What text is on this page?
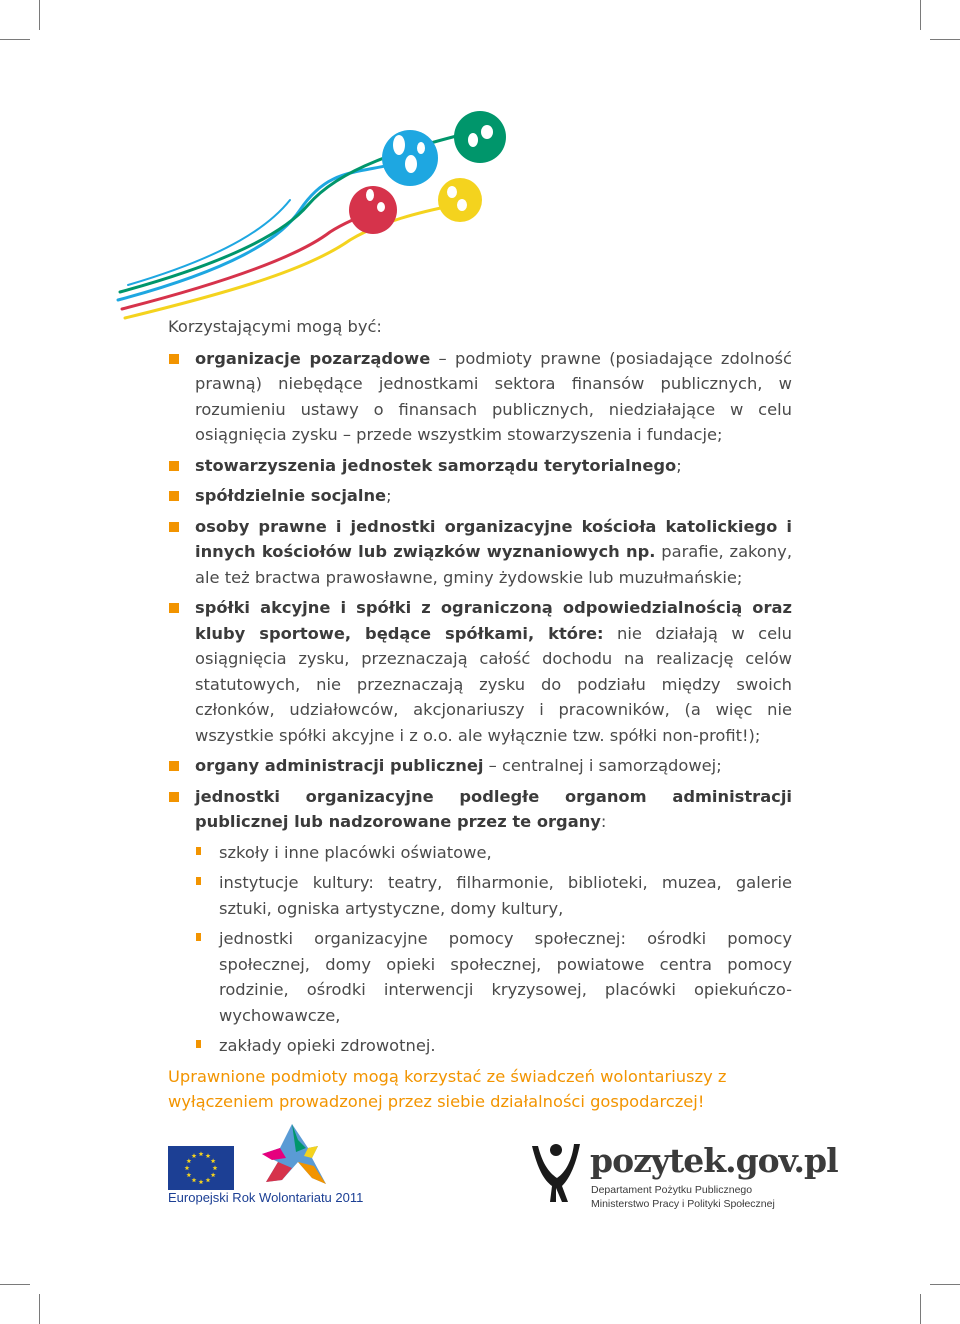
Korzystającymi mogą być:

organizacje pozarządowe – podmioty prawne (posiadające zdolność prawną) niebędące jednostkami sektora finansów publicznych, w rozumieniu ustawy o finansach publicznych, niedziałające w celu osiągnięcia zysku – przede wszystkim stowarzyszenia i fundacje;
stowarzyszenia jednostek samorządu terytorialnego;
spółdzielnie socjalne;
osoby prawne i jednostki organizacyjne kościoła katolickiego i innych kościołów lub związków wyznaniowych np. parafie, zakony, ale też bractwa prawosławne, gminy żydowskie lub muzułmańskie;
spółki akcyjne i spółki z ograniczoną odpowiedzialnością oraz kluby sportowe, będące spółkami, które: nie działają w celu osiągnięcia zysku, przeznaczają całość dochodu na realizację celów statutowych, nie przeznaczają zysku do podziału między swoich członków, udziałowców, akcjonariuszy i pracowników, (a więc nie wszystkie spółki akcyjne i z o.o. ale wyłącznie tzw. spółki non-profit!);
organy administracji publicznej – centralnej i samorządowej;
jednostki organizacyjne podległe organom administracji publicznej lub nadzorowane przez te organy:
szkoły i inne placówki oświatowe,
instytucje kultury: teatry, filharmonie, biblioteki, muzea, galerie sztuki, ogniska artystyczne, domy kultury,
jednostki organizacyjne pomocy społecznej: ośrodki pomocy społecznej, domy opieki społecznej, powiatowe centra pomocy rodzinie, ośrodki interwencji kryzysowej, placówki opiekuńczo-wychowawcze,
zakłady opieki zdrowotnej.

Uprawnione podmioty mogą korzystać ze świadczeń wolontariuszy z wyłączeniem prowadzonej przez siebie działalności gospodarczej!

Europejski Rok Wolontariatu 2011
pozytek.gov.pl
Departament Pożytku Publicznego
Ministerstwo Pracy i Polityki Społecznej
